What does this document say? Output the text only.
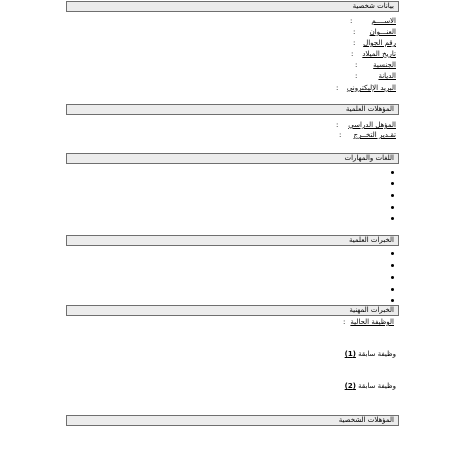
بيانات شخصية
الاســــم
:
العنـــوان
:
رقم الجوال
:
تاريخ الميلاد
:
الجنسية
:
الديانة
:
البريد الإليكتروني
:
المؤهلات العلمية
المؤهل الدراسي
:
تقـدير التخــرج
:
اللغات والمهارات
الخبرات العلمية
الخبرات المهنية
الوظيفة الحالية
:
وظيفة سابقة (1)
وظيفة سابقة (2)
المؤهلات الشخصية
